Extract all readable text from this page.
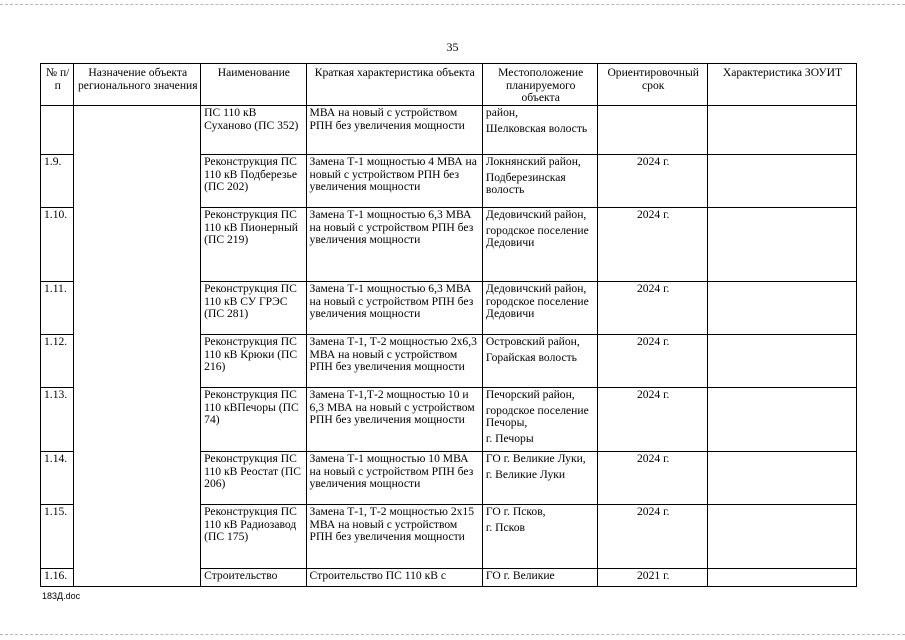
35
№ п/п	Назначение объекта регионального значения	Наименование	Краткая характеристика объекта	Местоположение планируемого объекта	Ориентировочный срок	Характеристика ЗОУИТ
		ПС 110 кВ Суханово (ПС 352)	МВА на новый с устройством РПН без увеличения мощности	район,
Шелковская волость		

1.9.		Реконструкция ПС 110 кВ Подберезье (ПС 202)	Замена Т-1 мощностью 4 МВА на новый с устройством РПН без увеличения мощности	Локнянский район,
Подберезинская волость	2024 г.	
1.10.		Реконструкция ПС 110 кВ Пионерный (ПС 219)	Замена Т-1 мощностью 6,3 МВА на новый с устройством РПН без увеличения мощности	Дедовичский район,
городское поселение Дедовичи	2024 г.	
1.11.		Реконструкция ПС 110 кВ СУ ГРЭС (ПС 281)	Замена Т-1 мощностью 6,3 МВА на новый с устройством РПН без увеличения мощности	Дедовичский район, городское поселение Дедовичи	2024 г.	
1.12.		Реконструкция ПС 110 кВ Крюки (ПС 216)	Замена Т-1, Т-2 мощностью 2х6,3 МВА на новый с устройством РПН без увеличения мощности	Островский район,
Горайская волость	2024 г.	
1.13.		Реконструкция ПС 110 кВПечоры (ПС 74)	Замена Т-1,Т-2 мощностью 10 и 6,3 МВА на новый с устройством РПН без увеличения мощности	Печорский район,
городское поселение Печоры,
г. Печоры	2024 г.	
1.14.		Реконструкция ПС 110 кВ Реостат (ПС 206)	Замена Т-1 мощностью 10 МВА на новый с устройством РПН без увеличения мощности	ГО г. Великие Луки,
г. Великие Луки	2024 г.	
1.15.		Реконструкция ПС 110 кВ Радиозавод (ПС 175)	Замена Т-1, Т-2 мощностью 2х15 МВА на новый с устройством РПН без увеличения мощности	ГО г. Псков,
г. Псков	2024 г.	
1.16.		Строительство	Строительство ПС 110 кВ с	ГО г. Великие	2021 г.	
183Д.doc
